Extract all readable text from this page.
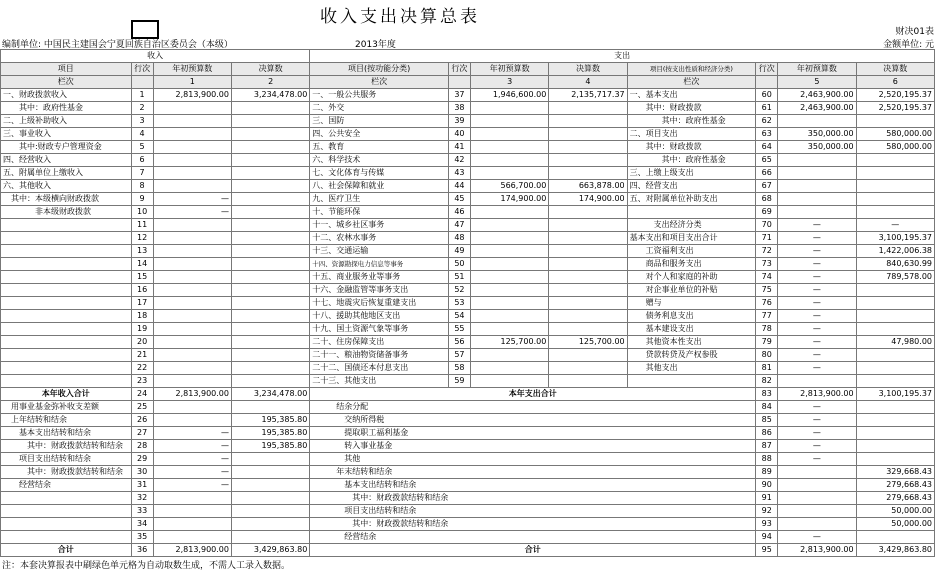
收入支出决算总表
财决01表
编制单位: 中国民主建国会宁夏回族自治区委员会（本级）	2013年度	金额单位: 元
收入				支出							
项目	行次	年初预算数	决算数	项目(按功能分类)	行次	年初预算数	决算数	项目(按支出性质和经济分类)	行次	年初预算数	决算数
栏次		1	2	栏次		3	4	栏次		5	6
一、财政拨款收入	1	2,813,900.00	3,234,478.00	一、一般公共服务	37	1,946,600.00	2,135,717.37	一、基本支出	60	2,463,900.00	2,520,195.37
　　其中：政府性基金	2			二、外交	38			　　其中：财政拨款	61	2,463,900.00	2,520,195.37
二、上级补助收入	3			三、国防	39			　　　　其中：政府性基金	62		
三、事业收入	4			四、公共安全	40			二、项目支出	63	350,000.00	580,000.00
　　其中:财政专户管理资金	5			五、教育	41			　　其中：财政拨款	64	350,000.00	580,000.00
四、经营收入	6			六、科学技术	42			　　　　其中：政府性基金	65		
五、附属单位上缴收入	7			七、文化体育与传媒	43			三、上缴上级支出	66		
六、其他收入	8			八、社会保障和就业	44	566,700.00	663,878.00	四、经营支出	67		
　其中：本级横向财政拨款	9	—		九、医疗卫生	45	174,900.00	174,900.00	五、对附属单位补助支出	68		
　　　　非本级财政拨款	10	—		十、节能环保	46				69		
	11			十一、城乡社区事务	47			　　　支出经济分类	70	—	—
	12			十二、农林水事务	48			基本支出和项目支出合计	71	—	3,100,195.37
	13			十三、交通运输	49			　　工资福利支出	72	—	1,422,006.38
	14			十四、资源勘探电力信息等事务	50			　　商品和服务支出	73	—	840,630.99
	15			十五、商业服务业等事务	51			　　对个人和家庭的补助	74	—	789,578.00
	16			十六、金融监管等事务支出	52			　　对企事业单位的补贴	75	—	
	17			十七、地震灾后恢复重建支出	53			　　赠与	76	—	
	18			十八、援助其他地区支出	54			　　债务利息支出	77	—	
	19			十九、国土资源气象等事务	55			　　基本建设支出	78	—	
	20			二十、住房保障支出	56	125,700.00	125,700.00	　　其他资本性支出	79	—	47,980.00
	21			二十一、粮油物资储备事务	57			　　贷款转贷及产权参股	80	—	
	22			二十二、国债还本付息支出	58			　　其他支出	81	—	
	23			二十三、其他支出	59				82		
本年收入合计	24	2,813,900.00	3,234,478.00	本年支出合计					83	2,813,900.00	3,100,195.37
　用事业基金弥补收支差额	25			　　　结余分配					84	—	
　上年结转和结余	26		195,385.80	　　　　交纳所得税					85	—	
　　基本支出结转和结余	27	—	195,385.80	　　　　提取职工福利基金					86	—	
　　　其中：财政拨款结转和结余	28	—	195,385.80	　　　　转入事业基金					87	—	
　　项目支出结转和结余	29	—		　　　　其他					88	—	
　　　其中：财政拨款结转和结余	30	—		　　　年末结转和结余					89		329,668.43
　　经营结余	31	—		　　　　基本支出结转和结余					90		279,668.43
	32			　　　　　其中：财政拨款结转和结余					91		279,668.43
	33			　　　　项目支出结转和结余					92		50,000.00
	34			　　　　　其中：财政拨款结转和结余					93		50,000.00
	35			　　　　经营结余					94	—	
合计	36	2,813,900.00	3,429,863.80	合计					95	2,813,900.00	3,429,863.80
注：本套决算报表中刷绿色单元格为自动取数生成，不需人工录入数据。
